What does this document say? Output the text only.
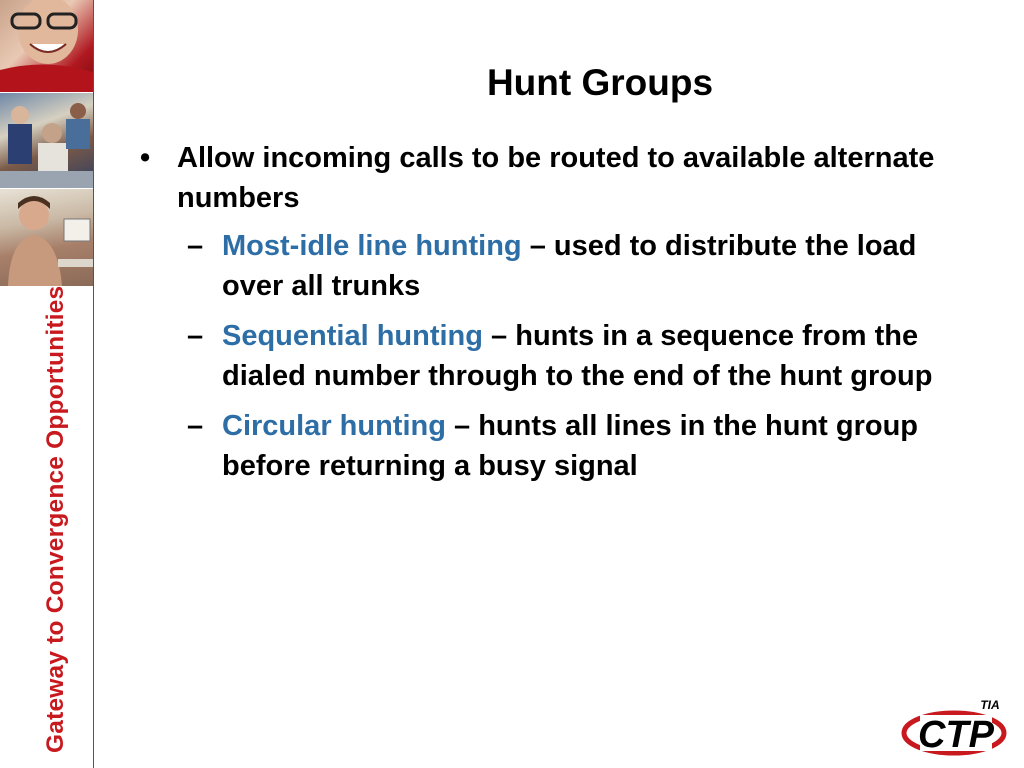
Gateway to Convergence Opportunities
Hunt Groups
• Allow incoming calls to be routed to available alternate numbers
– Most-idle line hunting – used to distribute the load over all trunks
– Sequential hunting – hunts in a sequence from the dialed number through to the end of the hunt group
– Circular hunting – hunts all lines in the hunt group before returning a busy signal
CTP
TIA
